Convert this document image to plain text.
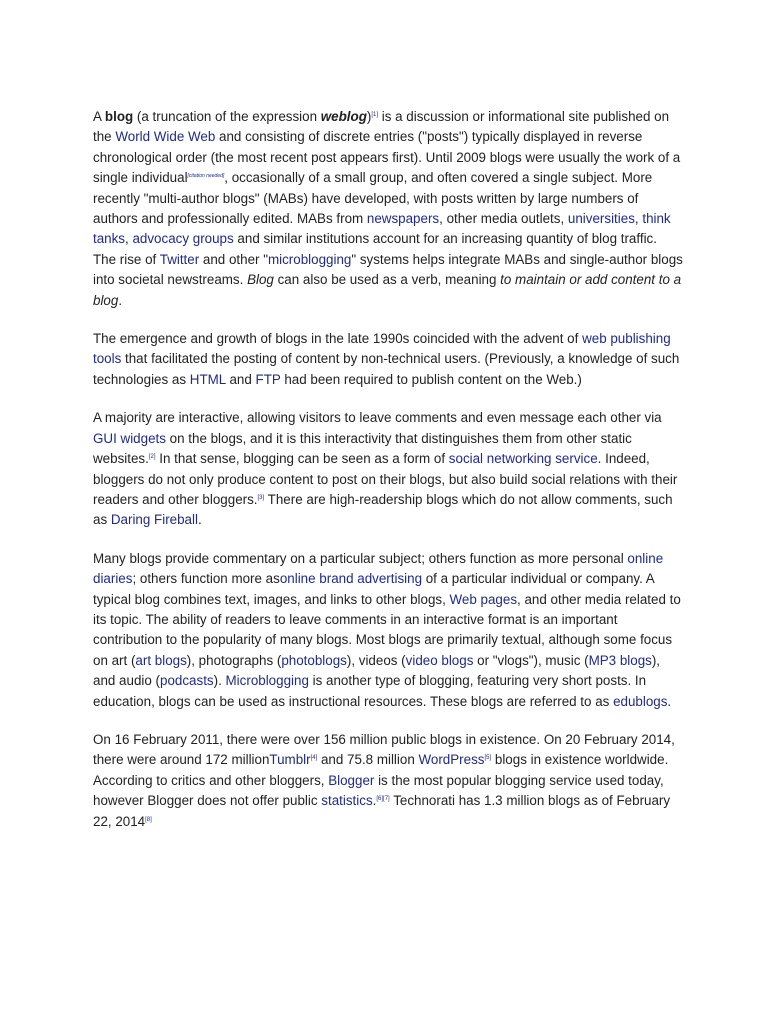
A blog (a truncation of the expression weblog)[1] is a discussion or informational site published on the World Wide Web and consisting of discrete entries ("posts") typically displayed in reverse chronological order (the most recent post appears first). Until 2009 blogs were usually the work of a single individual[citation needed], occasionally of a small group, and often covered a single subject. More recently "multi-author blogs" (MABs) have developed, with posts written by large numbers of authors and professionally edited. MABs from newspapers, other media outlets, universities, think tanks, advocacy groups and similar institutions account for an increasing quantity of blog traffic. The rise of Twitter and other "microblogging" systems helps integrate MABs and single-author blogs into societal newstreams. Blog can also be used as a verb, meaning to maintain or add content to a blog.

The emergence and growth of blogs in the late 1990s coincided with the advent of web publishing tools that facilitated the posting of content by non-technical users. (Previously, a knowledge of such technologies as HTML and FTP had been required to publish content on the Web.)

A majority are interactive, allowing visitors to leave comments and even message each other via GUI widgets on the blogs, and it is this interactivity that distinguishes them from other static websites.[2] In that sense, blogging can be seen as a form of social networking service. Indeed, bloggers do not only produce content to post on their blogs, but also build social relations with their readers and other bloggers.[3] There are high-readership blogs which do not allow comments, such as Daring Fireball.

Many blogs provide commentary on a particular subject; others function as more personal online diaries; others function more asonline brand advertising of a particular individual or company. A typical blog combines text, images, and links to other blogs, Web pages, and other media related to its topic. The ability of readers to leave comments in an interactive format is an important contribution to the popularity of many blogs. Most blogs are primarily textual, although some focus on art (art blogs), photographs (photoblogs), videos (video blogs or "vlogs"), music (MP3 blogs), and audio (podcasts). Microblogging is another type of blogging, featuring very short posts. In education, blogs can be used as instructional resources. These blogs are referred to as edublogs.

On 16 February 2011, there were over 156 million public blogs in existence. On 20 February 2014, there were around 172 millionTumblr[4] and 75.8 million WordPress[5] blogs in existence worldwide. According to critics and other bloggers, Blogger is the most popular blogging service used today, however Blogger does not offer public statistics.[6][7] Technorati has 1.3 million blogs as of February 22, 2014[8]
